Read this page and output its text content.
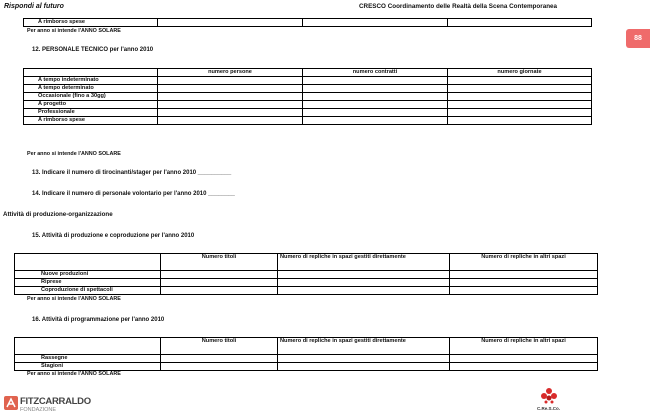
Rispondi al futuro	CRESCO Coordinamento delle Realtà della Scena Contemporanea
88
A rimborso spese			
Per anno si intende l'ANNO SOLARE
12. PERSONALE TECNICO per l'anno 2010
	numero persone	numero contratti	numero giornate
A tempo indeterminato			
A tempo determinato			
Occasionale (fino a 30gg)			
A progetto			
Professionale			
A rimborso spese			
Per anno si intende l'ANNO SOLARE
13. Indicare il numero di tirocinanti/stager per l'anno 2010 __________
14. Indicare il numero di personale volontario per l'anno 2010 ________
Attività di produzione-organizzazione
15. Attività di produzione e coproduzione per l'anno 2010
	Numero titoli	Numero di repliche in spazi gestiti direttamente	Numero di repliche in altri spazi
Nuove produzioni			
Riprese			
Coproduzione di spettacoli			
Per anno si intende l'ANNO SOLARE
16. Attività di programmazione per l'anno 2010
	Numero titoli	Numero di repliche in spazi gestiti direttamente	Numero di repliche in altri spazi
Rassegne			
Stagioni			
Per anno si intende l'ANNO SOLARE
FITZCARRALDO
FONDAZIONE	C.Re.S.Co.
